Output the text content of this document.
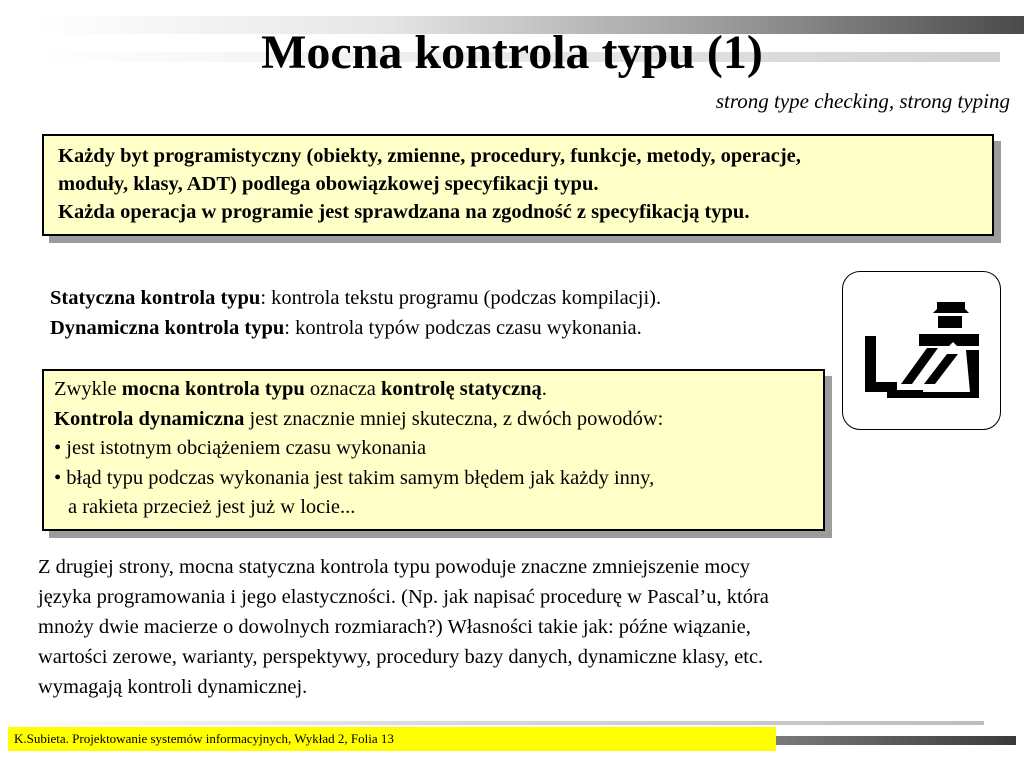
Mocna kontrola typu (1)
strong type checking, strong typing
Każdy byt programistyczny (obiekty, zmienne, procedury, funkcje, metody, operacje,
moduły, klasy, ADT) podlega obowiązkowej specyfikacji typu.
Każda operacja w programie jest sprawdzana na zgodność z specyfikacją typu.
Statyczna kontrola typu: kontrola tekstu programu (podczas kompilacji).
Dynamiczna kontrola typu: kontrola typów podczas czasu wykonania.
Zwykle mocna kontrola typu oznacza kontrolę statyczną.
Kontrola dynamiczna jest znacznie mniej skuteczna, z dwóch powodów:
• jest istotnym obciążeniem czasu wykonania
• błąd typu podczas wykonania jest takim samym błędem jak każdy inny,
a rakieta przecież jest już w locie...
Z drugiej strony, mocna statyczna kontrola typu powoduje znaczne zmniejszenie mocy
języka programowania i jego elastyczności. (Np. jak napisać procedurę w Pascal’u, która
mnoży dwie macierze o dowolnych rozmiarach?) Własności takie jak: późne wiązanie,
wartości zerowe, warianty, perspektywy, procedury bazy danych, dynamiczne klasy, etc.
wymagają kontroli dynamicznej.
K.Subieta. Projektowanie systemów informacyjnych, Wykład 2, Folia 13
